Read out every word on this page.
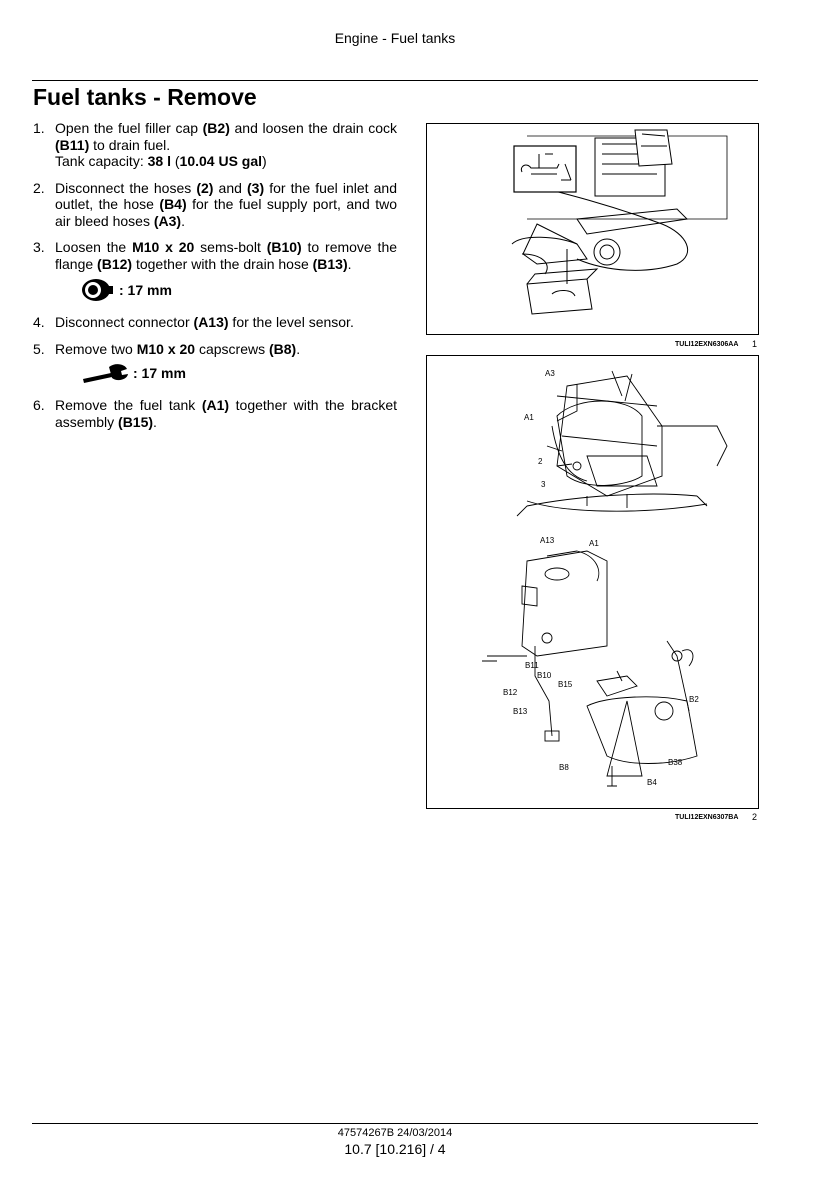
Engine - Fuel tanks
Fuel tanks - Remove
1. Open the fuel filler cap (B2) and loosen the drain cock (B11) to drain fuel.
Tank capacity: 38 l (10.04 US gal)
2. Disconnect the hoses (2) and (3) for the fuel inlet and outlet, the hose (B4) for the fuel supply port, and two air bleed hoses (A3).
3. Loosen the M10 x 20 sems-bolt (B10) to remove the flange (B12) together with the drain hose (B13).
: 17 mm
4. Disconnect connector (A13) for the level sensor.
5. Remove two M10 x 20 capscrews (B8).
: 17 mm
6. Remove the fuel tank (A1) together with the bracket assembly (B15).
TULI12EXN6306AA 1
A3
A1
2
3
A13	A1
B11
B10
B12
B15
B13
B2
B38
B8
B4
TULI12EXN6307BA 2
47574267B 24/03/2014
10.7 [10.216] / 4
